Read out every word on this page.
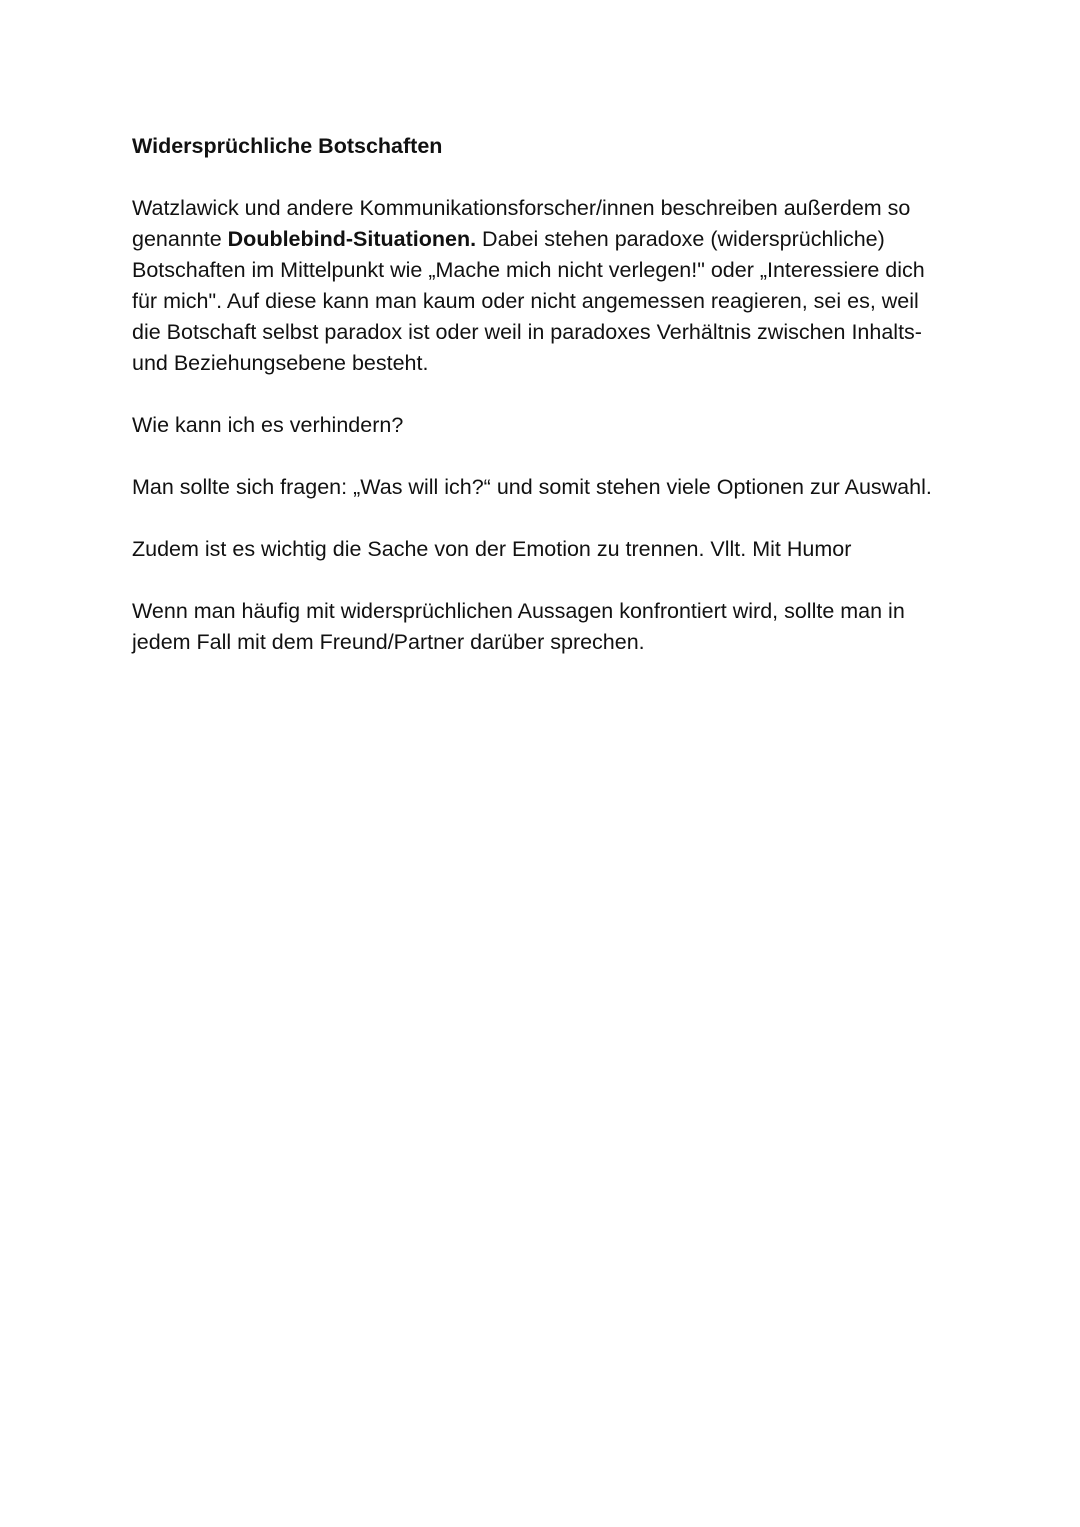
Widersprüchliche Botschaften

Watzlawick und andere Kommunikationsforscher/innen beschreiben außerdem so genannte Doublebind-Situationen. Dabei stehen paradoxe (widersprüchliche) Botschaften im Mittelpunkt wie „Mache mich nicht verlegen!" oder „Interessiere dich für mich". Auf diese kann man kaum oder nicht angemessen reagieren, sei es, weil die Botschaft selbst paradox ist oder weil in paradoxes Verhältnis zwischen Inhalts- und Beziehungsebene besteht.

Wie kann ich es verhindern?

Man sollte sich fragen: „Was will ich?“ und somit stehen viele Optionen zur Auswahl.

Zudem ist es wichtig die Sache von der Emotion zu trennen. Vllt. Mit Humor

Wenn man häufig mit widersprüchlichen Aussagen konfrontiert wird, sollte man in jedem Fall mit dem Freund/Partner darüber sprechen.
